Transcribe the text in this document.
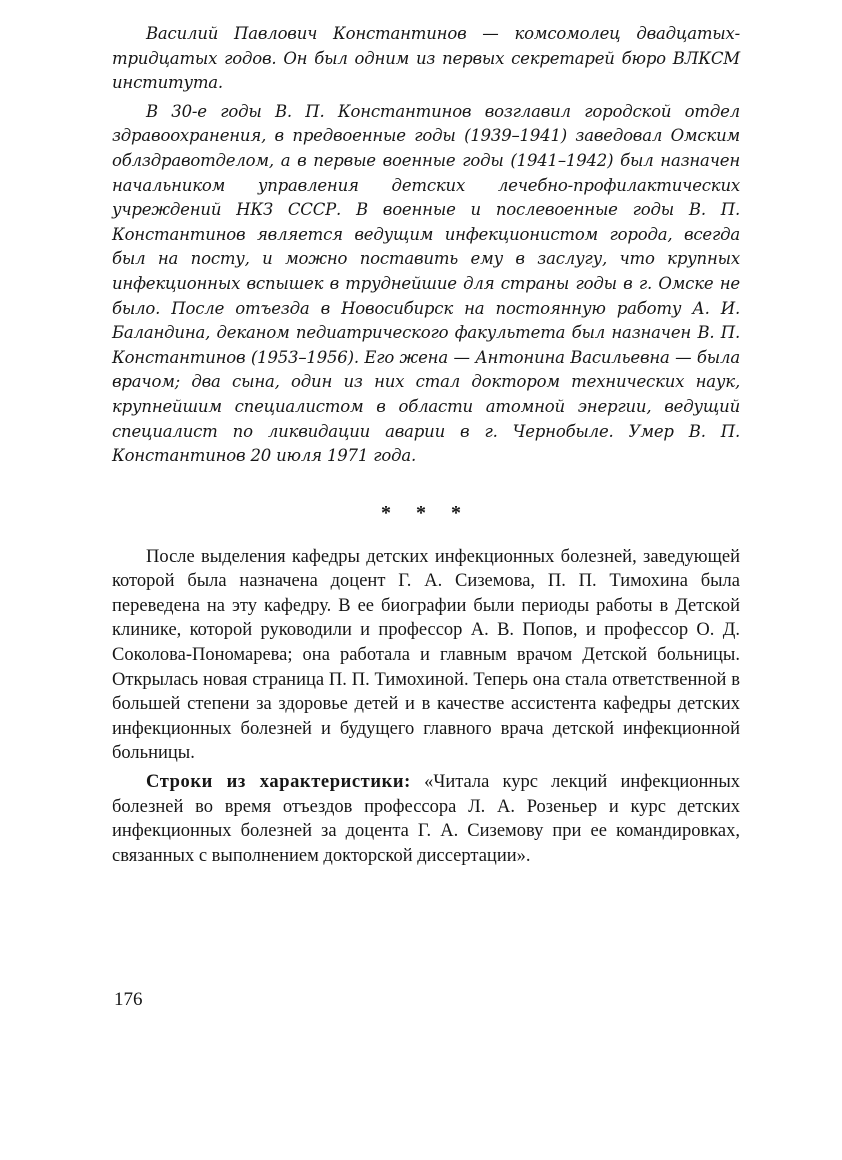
Василий Павлович Константинов — комсомолец двадцатых-тридцатых годов. Он был одним из первых секретарей бюро ВЛКСМ института.

В 30-е годы В. П. Константинов возглавил городской отдел здравоохранения, в предвоенные годы (1939–1941) заведовал Омским облздравотделом, а в первые военные годы (1941–1942) был назначен начальником управления детских лечебно-профилактических учреждений НКЗ СССР. В военные и послевоенные годы В. П. Константинов является ведущим инфекционистом города, всегда был на посту, и можно поставить ему в заслугу, что крупных инфекционных вспышек в труднейшие для страны годы в г. Омске не было. После отъезда в Новосибирск на постоянную работу А. И. Баландина, деканом педиатрического факультета был назначен В. П. Константинов (1953–1956). Его жена — Антонина Васильевна — была врачом; два сына, один из них стал доктором технических наук, крупнейшим специалистом в области атомной энергии, ведущий специалист по ликвидации аварии в г. Чернобыле. Умер В. П. Константинов 20 июля 1971 года.

* * *

После выделения кафедры детских инфекционных болезней, заведующей которой была назначена доцент Г. А. Сиземова, П. П. Тимохина была переведена на эту кафедру. В ее биографии были периоды работы в Детской клинике, которой руководили и профессор А. В. Попов, и профессор О. Д. Соколова-Пономарева; она работала и главным врачом Детской больницы. Открылась новая страница П. П. Тимохиной. Теперь она стала ответственной в большей степени за здоровье детей и в качестве ассистента кафедры детских инфекционных болезней и будущего главного врача детской инфекционной больницы.

Строки из характеристики: «Читала курс лекций инфекционных болезней во время отъездов профессора Л. А. Розеньер и курс детских инфекционных болезней за доцента Г. А. Сиземову при ее командировках, связанных с выполнением докторской диссертации».

176
